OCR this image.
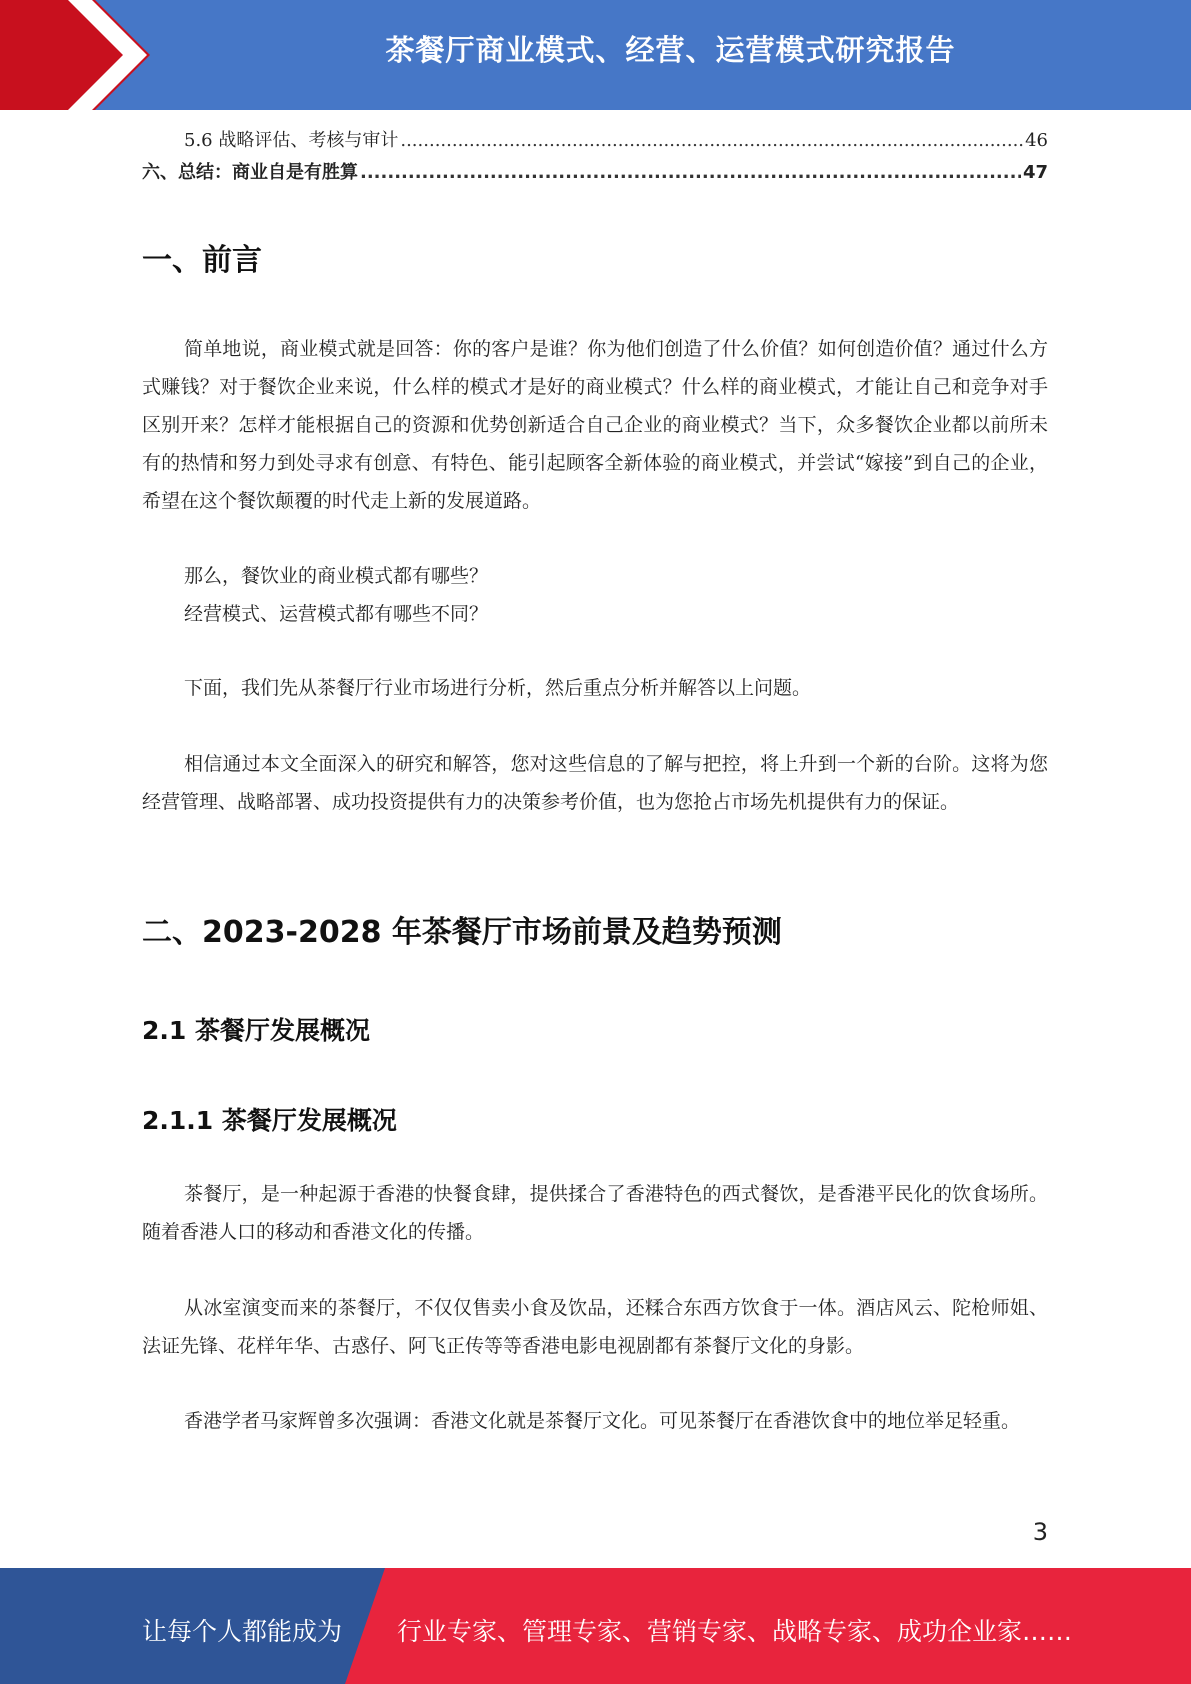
茶餐厅商业模式、经营、运营模式研究报告
5.6 战略评估、考核与审计 .....	46
六、总结：商业自是有胜算 .....	47
一、前言

简单地说，商业模式就是回答：你的客户是谁？你为他们创造了什么价值？如何创造价值？通过什么方式赚钱？对于餐饮企业来说，什么样的模式才是好的商业模式？什么样的商业模式，才能让自己和竞争对手区别开来？怎样才能根据自己的资源和优势创新适合自己企业的商业模式？当下，众多餐饮企业都以前所未有的热情和努力到处寻求有创意、有特色、能引起顾客全新体验的商业模式，并尝试“嫁接”到自己的企业，希望在这个餐饮颠覆的时代走上新的发展道路。

那么，餐饮业的商业模式都有哪些？

经营模式、运营模式都有哪些不同？

下面，我们先从茶餐厅行业市场进行分析，然后重点分析并解答以上问题。

相信通过本文全面深入的研究和解答，您对这些信息的了解与把控，将上升到一个新的台阶。这将为您经营管理、战略部署、成功投资提供有力的决策参考价值，也为您抢占市场先机提供有力的保证。

二、2023-2028 年茶餐厅市场前景及趋势预测
2.1 茶餐厅发展概况
2.1.1 茶餐厅发展概况

茶餐厅，是一种起源于香港的快餐食肆，提供揉合了香港特色的西式餐饮，是香港平民化的饮食场所。随着香港人口的移动和香港文化的传播。

从冰室演变而来的茶餐厅，不仅仅售卖小食及饮品，还糅合东西方饮食于一体。酒店风云、陀枪师姐、法证先锋、花样年华、古惑仔、阿飞正传等等香港电影电视剧都有茶餐厅文化的身影。

香港学者马家辉曾多次强调：香港文化就是茶餐厅文化。可见茶餐厅在香港饮食中的地位举足轻重。

3
让每个人都能成为 行业专家、管理专家、营销专家、战略专家、成功企业家……
